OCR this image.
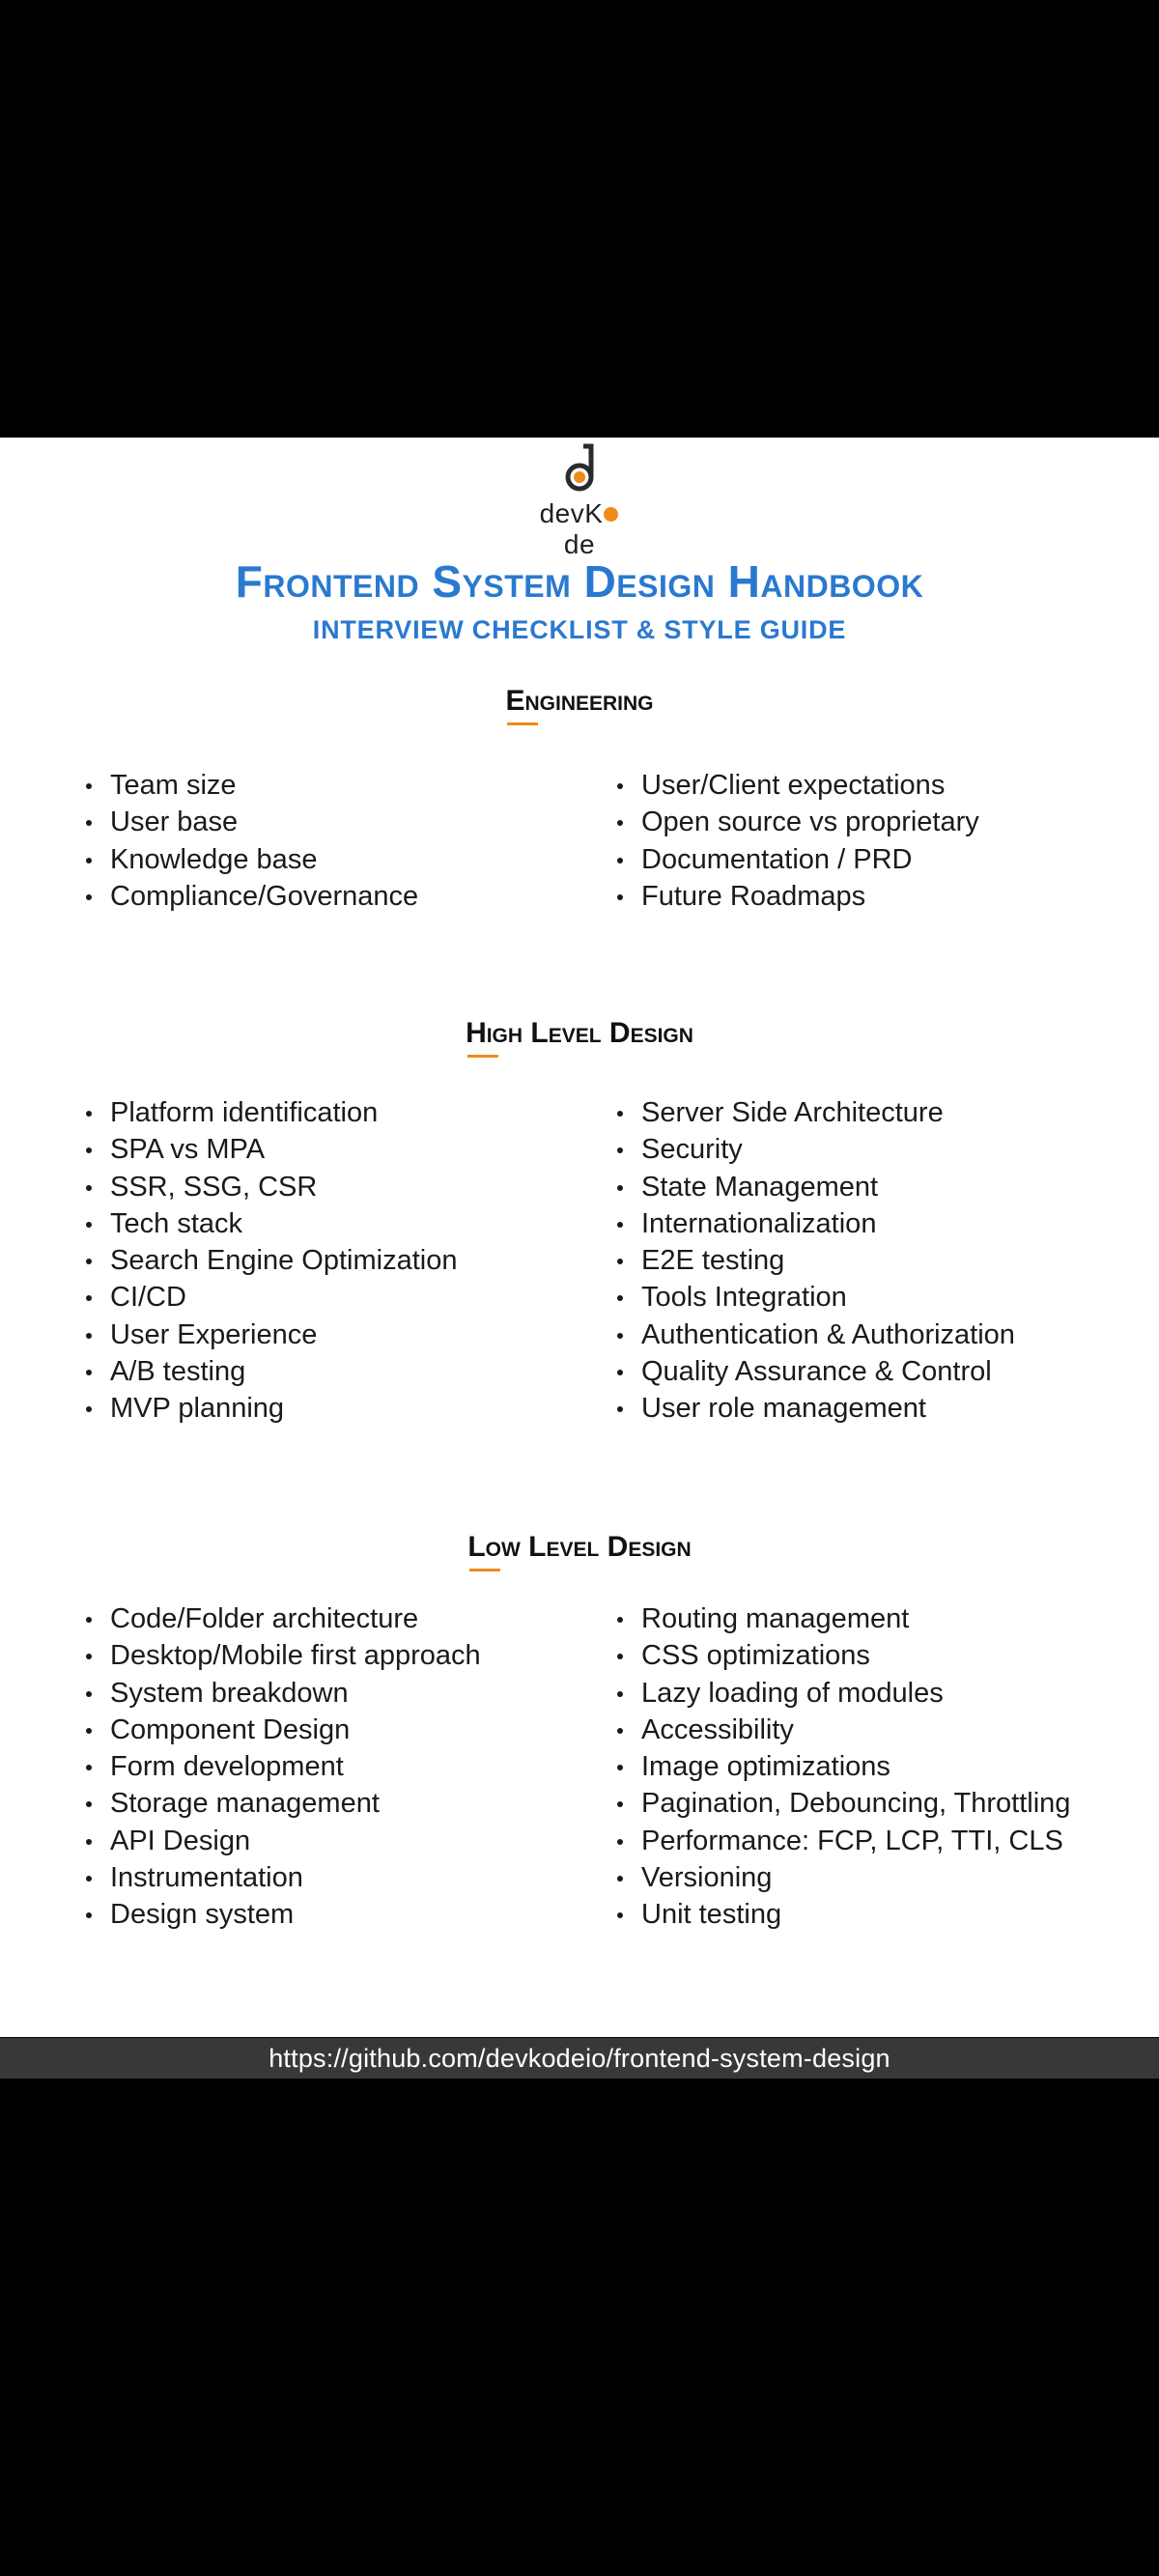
devKde
Frontend System Design Handbook
INTERVIEW CHECKLIST & STYLE GUIDE
Engineering
Team size
User base
Knowledge base
Compliance/Governance
User/Client expectations
Open source vs proprietary
Documentation / PRD
Future Roadmaps
High Level Design
Platform identification
SPA vs MPA
SSR, SSG, CSR
Tech stack
Search Engine Optimization
CI/CD
User Experience
A/B testing
MVP planning
Server Side Architecture
Security
State Management
Internationalization
E2E testing
Tools Integration
Authentication & Authorization
Quality Assurance & Control
User role management
Low Level Design
Code/Folder architecture
Desktop/Mobile first approach
System breakdown
Component Design
Form development
Storage management
API Design
Instrumentation
Design system
Routing management
CSS optimizations
Lazy loading of modules
Accessibility
Image optimizations
Pagination, Debouncing, Throttling
Performance: FCP, LCP, TTI, CLS
Versioning
Unit testing
https://github.com/devkodeio/frontend-system-design
